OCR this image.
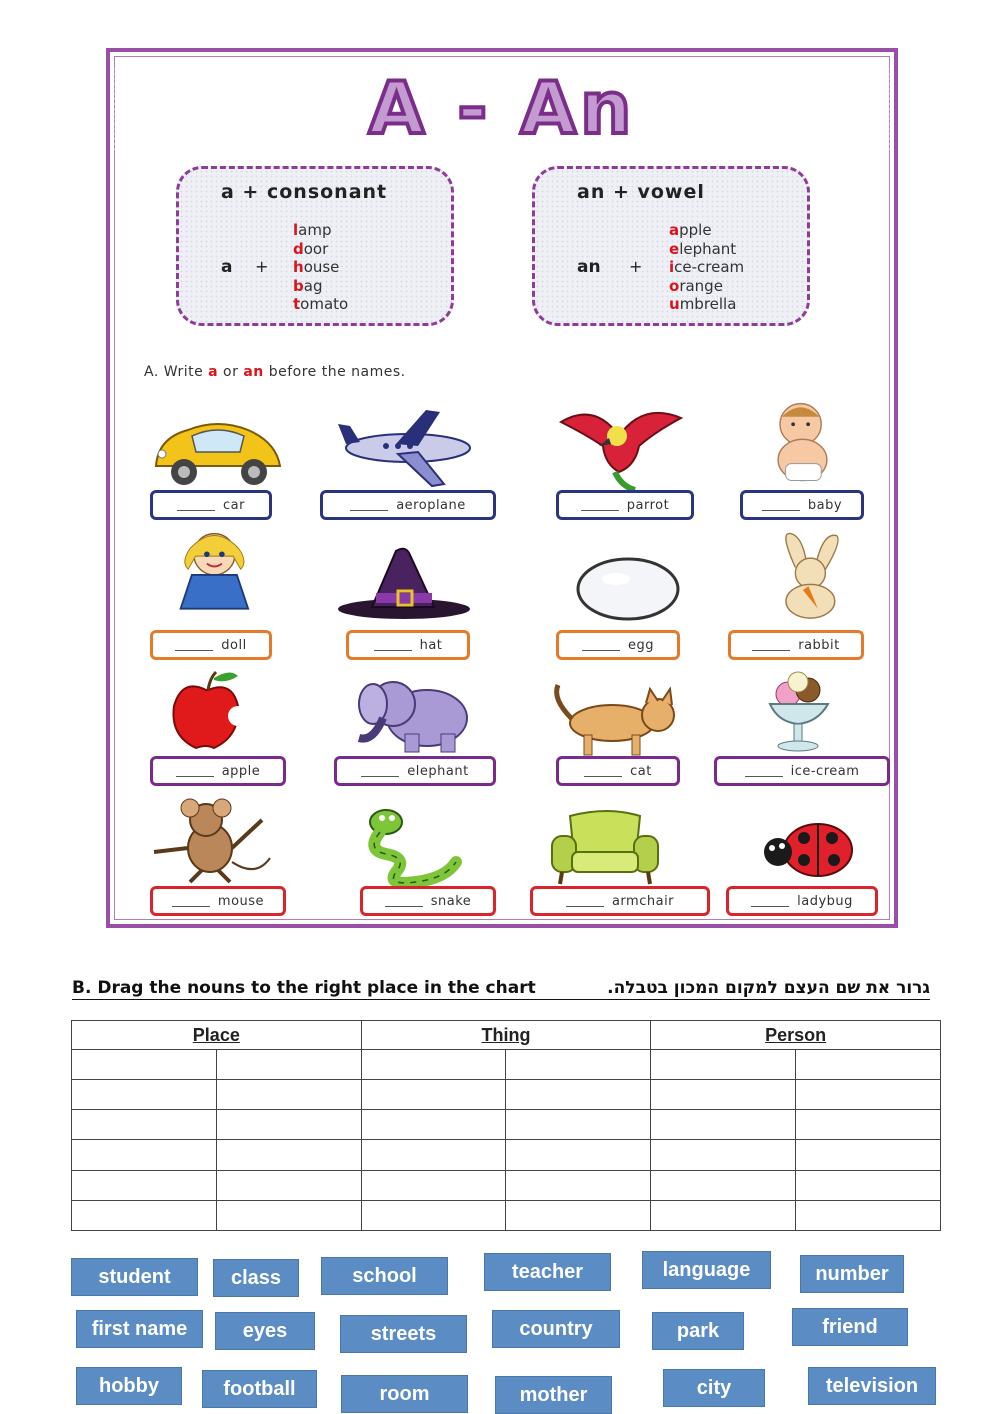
A - An
a + consonant
a +
lamp
door
house
bag
tomato
an + vowel
an +
apple
elephant
ice-cream
orange
umbrella
A. Write a or an before the names.
car	aeroplane	parrot	baby
doll	hat	egg	rabbit
apple	elephant	cat	ice-cream
mouse	snake	armchair	ladybug
B. Drag the nouns to the right place in the chart	גרור את שם העצם למקום המכון בטבלה.
Place		Thing		Person	

student	class	school	teacher	language	number
first name	eyes	streets	country	park	friend
hobby	football	room	mother	city	television
